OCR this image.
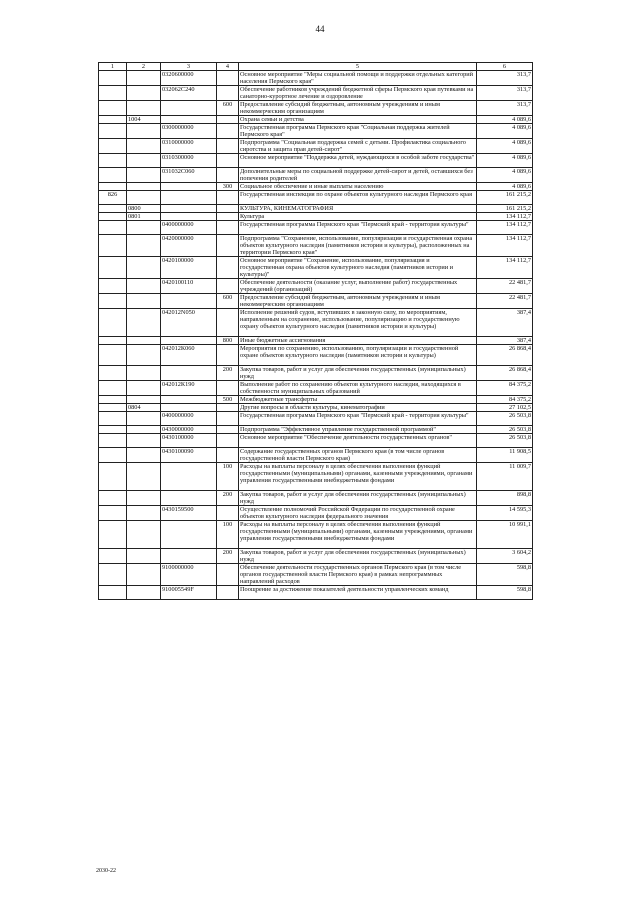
44
1	2	3	4	5	6
		0320600000		Основное мероприятие "Меры социальной помощи и поддержки отдельных категорий населения Пермского края"	313,7
		032062С240		Обеспечение работников учреждений бюджетной сферы Пермского края путевками на санаторно-курортное лечение и оздоровление	313,7
			600	Предоставление субсидий бюджетным, автономным учреждениям и иным некоммерческим организациям	313,7
	1004			Охрана семьи и детства	4 089,6
		0300000000		Государственная программа Пермского края "Социальная поддержка жителей Пермского края"	4 089,6
		0310000000		Подпрограмма "Социальная поддержка семей с детьми. Профилактика социального сиротства и защита прав детей-сирот"	4 089,6
		0310300000		Основное мероприятие "Поддержка детей, нуждающихся в особой заботе государства"	4 089,6
		031032С060		Дополнительные меры по социальной поддержке детей-сирот и детей, оставшихся без попечения родителей	4 089,6
			300	Социальное обеспечение и иные выплаты населению	4 089,6
826				Государственная инспекция по охране объектов культурного наследия Пермского края	161 215,2
	0800			КУЛЬТУРА, КИНЕМАТОГРАФИЯ	161 215,2
	0801			Культура	134 112,7
		0400000000		Государственная программа Пермского края "Пермский край - территория культуры"	134 112,7
		0420000000		Подпрограмма "Сохранение, использование, популяризация и государственная охрана объектов культурного наследия (памятников истории и культуры), расположенных на территории Пермского края"	134 112,7
		0420100000		Основное мероприятие "Сохранение, использование, популяризация и государственная охрана объектов культурного наследия (памятников истории и культуры)"	134 112,7
		0420100110		Обеспечение деятельности (оказание услуг, выполнение работ) государственных учреждений (организаций)	22 481,7
			600	Предоставление субсидий бюджетным, автономным учреждениям и иным некоммерческим организациям	22 481,7
		042012N050		Исполнение решений судов, вступивших в законную силу, по мероприятиям, направленным на сохранение, использование, популяризацию и государственную охрану объектов культурного наследия (памятников истории и культуры)	387,4
			800	Иные бюджетные ассигнования	387,4
		042012К060		Мероприятия по сохранению, использованию, популяризации и государственной охране объектов культурного наследия (памятников истории и культуры)	26 868,4
			200	Закупка товаров, работ и услуг для обеспечения государственных (муниципальных) нужд	26 868,4
		042012К190		Выполнение работ по сохранению объектов культурного наследия, находящихся в собственности муниципальных образований	84 375,2
			500	Межбюджетные трансферты	84 375,2
	0804			Другие вопросы в области культуры, кинематографии	27 102,5
		0400000000		Государственная программа Пермского края "Пермский край - территория культуры"	26 503,8
		0430000000		Подпрограмма "Эффективное управление государственной программой"	26 503,8
		0430100000		Основное мероприятие "Обеспечение деятельности государственных органов"	26 503,8
		0430100090		Содержание государственных органов Пермского края (в том числе органов государственной власти Пермского края)	11 908,5
			100	Расходы на выплаты персоналу в целях обеспечения выполнения функций государственными (муниципальными) органами, казенными учреждениями, органами управления государственными внебюджетными фондами	11 009,7
			200	Закупка товаров, работ и услуг для обеспечения государственных (муниципальных) нужд	898,8
		0430159500		Осуществление полномочий Российской Федерации по государственной охране объектов культурного наследия федерального значения	14 595,3
			100	Расходы на выплаты персоналу в целях обеспечения выполнения функций государственными (муниципальными) органами, казенными учреждениями, органами управления государственными внебюджетными фондами	10 991,1
			200	Закупка товаров, работ и услуг для обеспечения государственных (муниципальных) нужд	3 604,2
		9100000000		Обеспечение деятельности государственных органов Пермского края (в том числе органов государственной власти Пермского края) в рамках непрограммных направлений расходов	598,8
		910005549F		Поощрение за достижение показателей деятельности управленческих команд	598,8
2030-22
